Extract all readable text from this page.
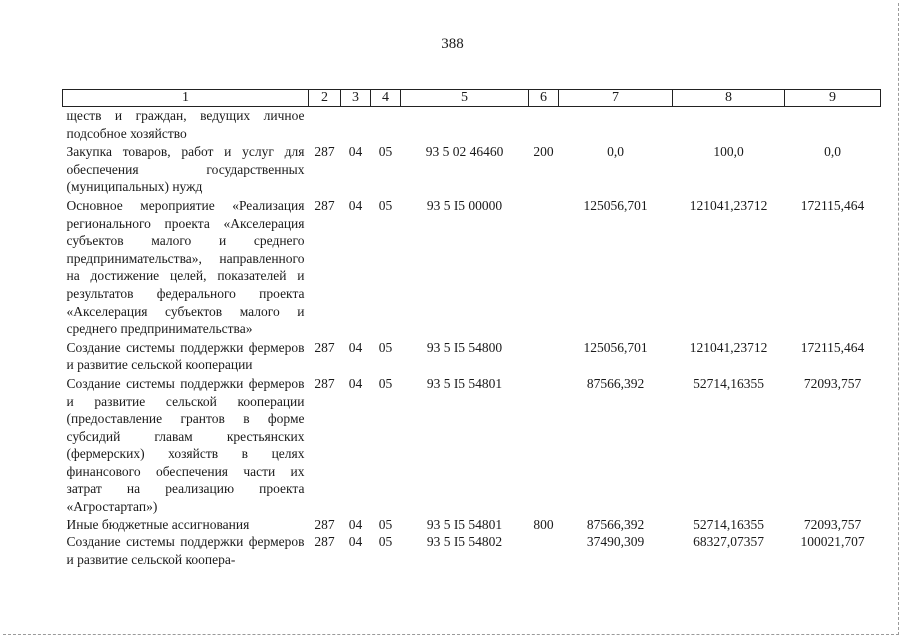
388
1	2	3	4	5	6	7	8	9
ществ и граждан, ведущих личное подсобное хозяйство								
Закупка товаров, работ и услуг для обеспечения государственных (муниципальных) нужд	287	04	05	93 5 02 46460	200	0,0	100,0	0,0
Основное мероприятие «Реализация регионального проекта «Акселерация субъектов малого и среднего предпринимательства», направленного на достижение целей, показателей и результатов федерального проекта «Акселерация субъектов малого и среднего предпринимательства»	287	04	05	93 5 I5 00000		125056,701	121041,23712	172115,464
Создание системы поддержки фермеров и развитие сельской кооперации	287	04	05	93 5 I5 54800		125056,701	121041,23712	172115,464
Создание системы поддержки фермеров и развитие сельской кооперации (предоставление грантов в форме субсидий главам крестьянских (фермерских) хозяйств в целях финансового обеспечения части их затрат на реализацию проекта «Агростартап»)	287	04	05	93 5 I5 54801		87566,392	52714,16355	72093,757
Иные бюджетные ассигнования	287	04	05	93 5 I5 54801	800	87566,392	52714,16355	72093,757
Создание системы поддержки фермеров и развитие сельской коопера-	287	04	05	93 5 I5 54802		37490,309	68327,07357	100021,707
